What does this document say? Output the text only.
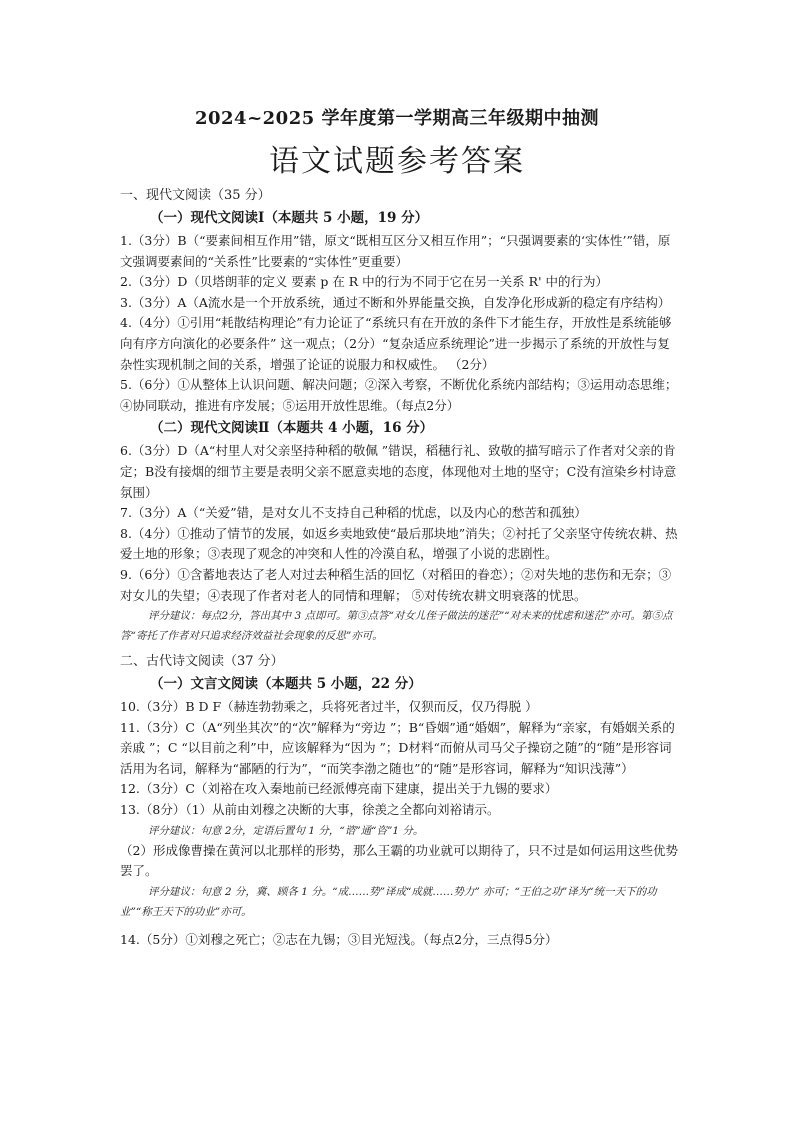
2024~2025 学年度第一学期高三年级期中抽测
语文试题参考答案

一、现代文阅读（35 分）

（一）现代文阅读Ⅰ（本题共 5 小题，19 分）

1.（3分）B（“要素间相互作用”错，原文“既相互区分又相互作用”；“只强调要素的‘实体性’”错，原文强调要素间的“关系性”比要素的“实体性”更重要）

2.（3分）D（贝塔朗菲的定义 要素 p 在 R 中的行为不同于它在另一关系 R' 中的行为）

3.（3分）A（A流水是一个开放系统，通过不断和外界能量交换，自发净化形成新的稳定有序结构）

4.（4分）①引用“耗散结构理论”有力论证了“系统只有在开放的条件下才能生存，开放性是系统能够向有序方向演化的必要条件” 这一观点；（2分）“复杂适应系统理论”进一步揭示了系统的开放性与复杂性实现机制之间的关系，增强了论证的说服力和权威性。 （2分）

5.（6分）①从整体上认识问题、解决问题；②深入考察，不断优化系统内部结构；③运用动态思维；④协同联动，推进有序发展；⑤运用开放性思维。（每点2分）

（二）现代文阅读Ⅱ（本题共 4 小题，16 分）

6.（3分）D（A“村里人对父亲坚持种稻的敬佩 ”错误，稻穗行礼、致敬的描写暗示了作者对父亲的肯定；B没有接烟的细节主要是表明父亲不愿意卖地的态度，体现他对土地的坚守；C没有渲染乡村诗意氛围）

7.（3分）A（“关爱”错，是对女儿不支持自己种稻的忧虑，以及内心的愁苦和孤独）

8.（4分）①推动了情节的发展，如返乡卖地致使“最后那块地”消失；②衬托了父亲坚守传统农耕、热爱土地的形象；③表现了观念的冲突和人性的冷漠自私，增强了小说的悲剧性。

9.（6分）①含蓄地表达了老人对过去种稻生活的回忆（对稻田的眷恋）；②对失地的悲伤和无奈；③对女儿的失望；④表现了作者对老人的同情和理解； ⑤对传统农耕文明衰落的忧思。

评分建议：每点2分，答出其中 3 点即可。第③点答“对女儿侄子做法的迷茫”“对未来的忧虑和迷茫”亦可。第⑤点答“寄托了作者对只追求经济效益社会现象的反思”亦可。

二、古代诗文阅读（37 分）

（一）文言文阅读（本题共 5 小题，22 分）

10.（3分）B D F（赫连勃勃乘之，兵将死者过半，仅狈而反，仅乃得脱 ）

11.（3分）C（A“列坐其次”的“次”解释为“旁边 ”；B“昏姻”通“婚姻”，解释为“亲家，有婚姻关系的亲戚 ”；C “以目前之利”中，应该解释为“因为 ”；D材料“而俯从司马父子操窃之随”的“随”是形容词活用为名词，解释为“鄙陋的行为”，“而笑李渤之随也”的“随”是形容词，解释为“知识浅薄”）

12.（3分）C（刘裕在攻入秦地前已经派傅亮南下建康，提出关于九锡的要求）

13.（8分）（1）从前由刘穆之决断的大事，徐羡之全都向刘裕请示。

评分建议：句意 2分，定语后置句 1 分，“谘”通“咨”1 分。

（2）形成像曹操在黄河以北那样的形势，那么王霸的功业就可以期待了，只不过是如何运用这些优势罢了。

评分建议：句意 2 分，冀、顾各 1 分。“成……势”译成“成就……势力” 亦可；“王伯之功”译为“统一天下的功业”“称王天下的功业”亦可。

14.（5分）①刘穆之死亡；②志在九锡；③目光短浅。（每点2分，三点得5分）
